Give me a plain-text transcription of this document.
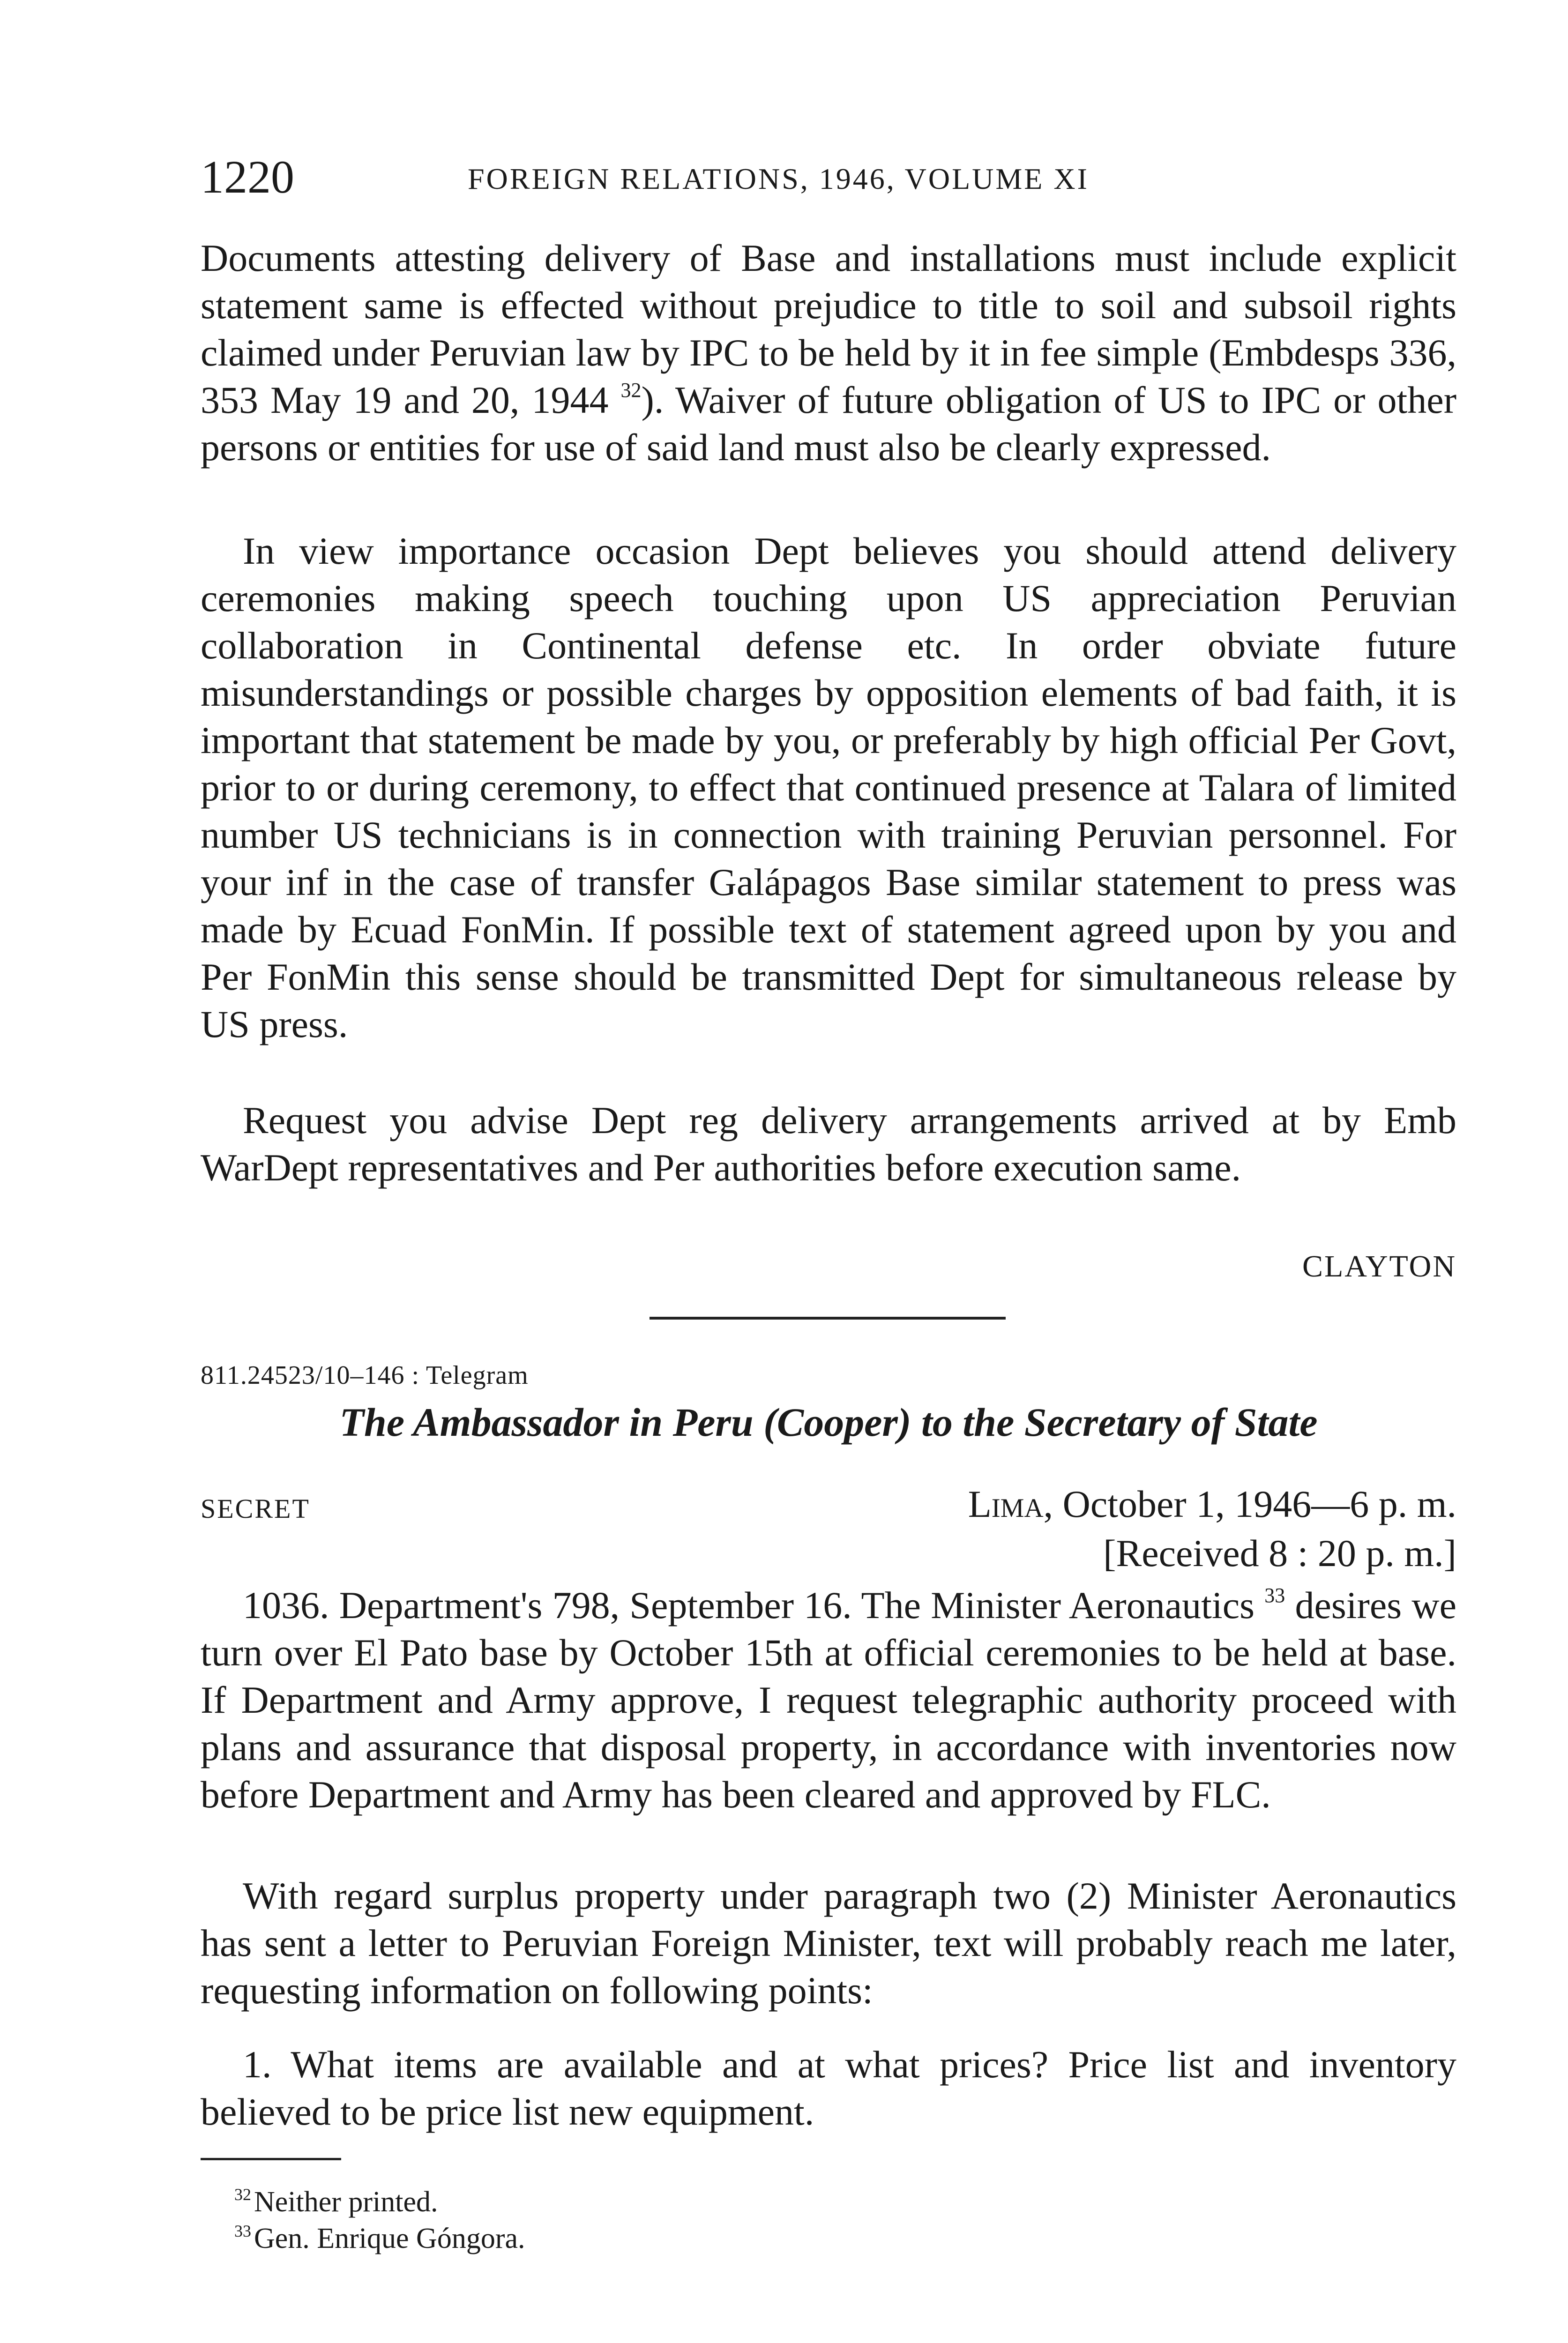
1220	FOREIGN RELATIONS, 1946, VOLUME XI

Documents attesting delivery of Base and installations must include explicit statement same is effected without prejudice to title to soil and subsoil rights claimed under Peruvian law by IPC to be held by it in fee simple (Embdesps 336, 353 May 19 and 20, 1944 $^{32}$). Waiver of future obligation of US to IPC or other persons or entities for use of said land must also be clearly expressed.

In view importance occasion Dept believes you should attend delivery ceremonies making speech touching upon US appreciation Peruvian collaboration in Continental defense etc. In order obviate future misunderstandings or possible charges by opposition elements of bad faith, it is important that statement be made by you, or preferably by high official Per Govt, prior to or during ceremony, to effect that continued presence at Talara of limited number US technicians is in connection with training Peruvian personnel. For your inf in the case of transfer Galápagos Base similar statement to press was made by Ecuad FonMin. If possible text of statement agreed upon by you and Per FonMin this sense should be transmitted Dept for simultaneous release by US press.

Request you advise Dept reg delivery arrangements arrived at by Emb WarDept representatives and Per authorities before execution same.

CLAYTON
811.24523/10–146 : Telegram
The Ambassador in Peru (Cooper) to the Secretary of State
SECRET	Lima, October 1, 1946—6 p. m.
[Received 8 : 20 p. m.]

1036. Department's 798, September 16. The Minister Aeronautics $^{33}$ desires we turn over El Pato base by October 15th at official ceremonies to be held at base. If Department and Army approve, I request telegraphic authority proceed with plans and assurance that disposal property, in accordance with inventories now before Department and Army has been cleared and approved by FLC.

With regard surplus property under paragraph two (2) Minister Aeronautics has sent a letter to Peruvian Foreign Minister, text will probably reach me later, requesting information on following points:

1. What items are available and at what prices? Price list and inventory believed to be price list new equipment.

$^{32}$Neither printed.
$^{33}$Gen. Enrique Góngora.
